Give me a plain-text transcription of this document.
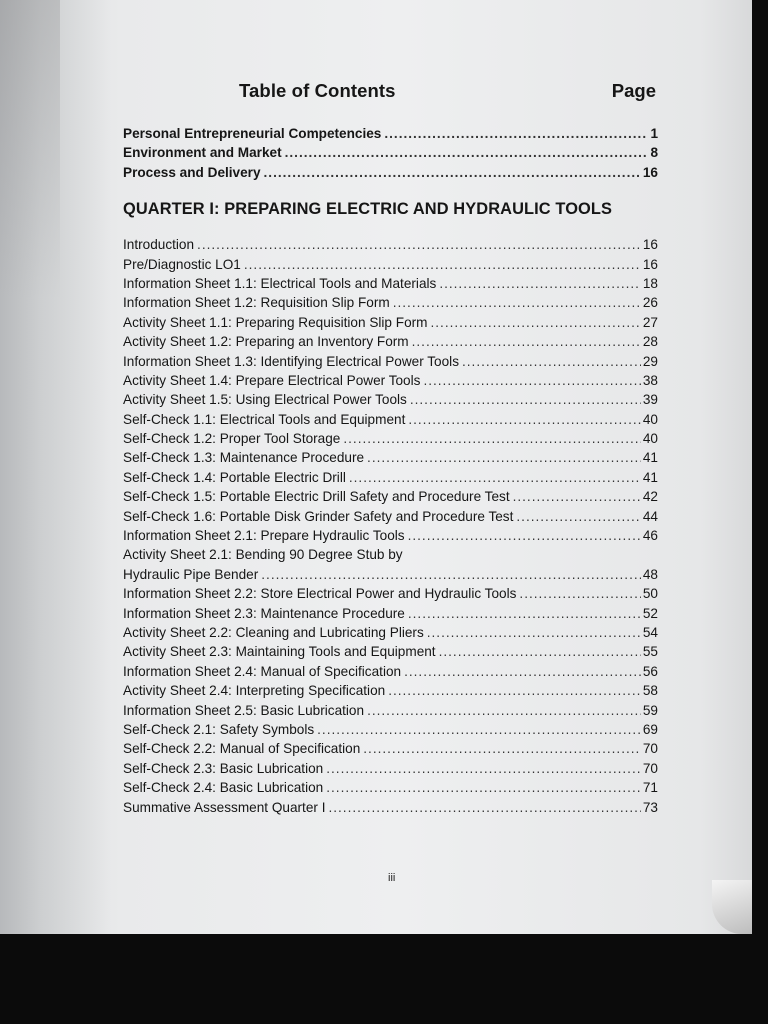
Table of Contents	Page
Personal Entrepreneurial Competencies .....	1
Environment and Market .....	8
Process and Delivery .....	16
QUARTER I: PREPARING ELECTRIC AND HYDRAULIC TOOLS
Introduction .....	16
Pre/Diagnostic LO1 .....	16
Information Sheet 1.1: Electrical Tools and Materials .....	18
Information Sheet 1.2: Requisition Slip Form .....	26
Activity Sheet 1.1: Preparing Requisition Slip Form .....	27
Activity Sheet 1.2: Preparing an Inventory Form .....	28
Information Sheet 1.3: Identifying Electrical Power Tools .....	29
Activity Sheet 1.4: Prepare Electrical Power Tools .....	38
Activity Sheet 1.5: Using Electrical Power Tools .....	39
Self-Check 1.1: Electrical Tools and Equipment .....	40
Self-Check 1.2: Proper Tool Storage .....	40
Self-Check 1.3: Maintenance Procedure .....	41
Self-Check 1.4: Portable Electric Drill .....	41
Self-Check 1.5: Portable Electric Drill Safety and Procedure Test .....	42
Self-Check 1.6: Portable Disk Grinder Safety and Procedure Test .....	44
Information Sheet 2.1: Prepare Hydraulic Tools .....	46
Activity Sheet 2.1: Bending 90 Degree Stub by
Hydraulic Pipe Bender .....	48
Information Sheet 2.2: Store Electrical Power and Hydraulic Tools .....	50
Information Sheet 2.3: Maintenance Procedure .....	52
Activity Sheet 2.2: Cleaning and Lubricating Pliers .....	54
Activity Sheet 2.3: Maintaining Tools and Equipment .....	55
Information Sheet 2.4: Manual of Specification .....	56
Activity Sheet 2.4: Interpreting Specification .....	58
Information Sheet 2.5: Basic Lubrication .....	59
Self-Check 2.1: Safety Symbols .....	69
Self-Check 2.2: Manual of Specification .....	70
Self-Check 2.3: Basic Lubrication .....	70
Self-Check 2.4: Basic Lubrication .....	71
Summative Assessment Quarter I .....	73
iii
